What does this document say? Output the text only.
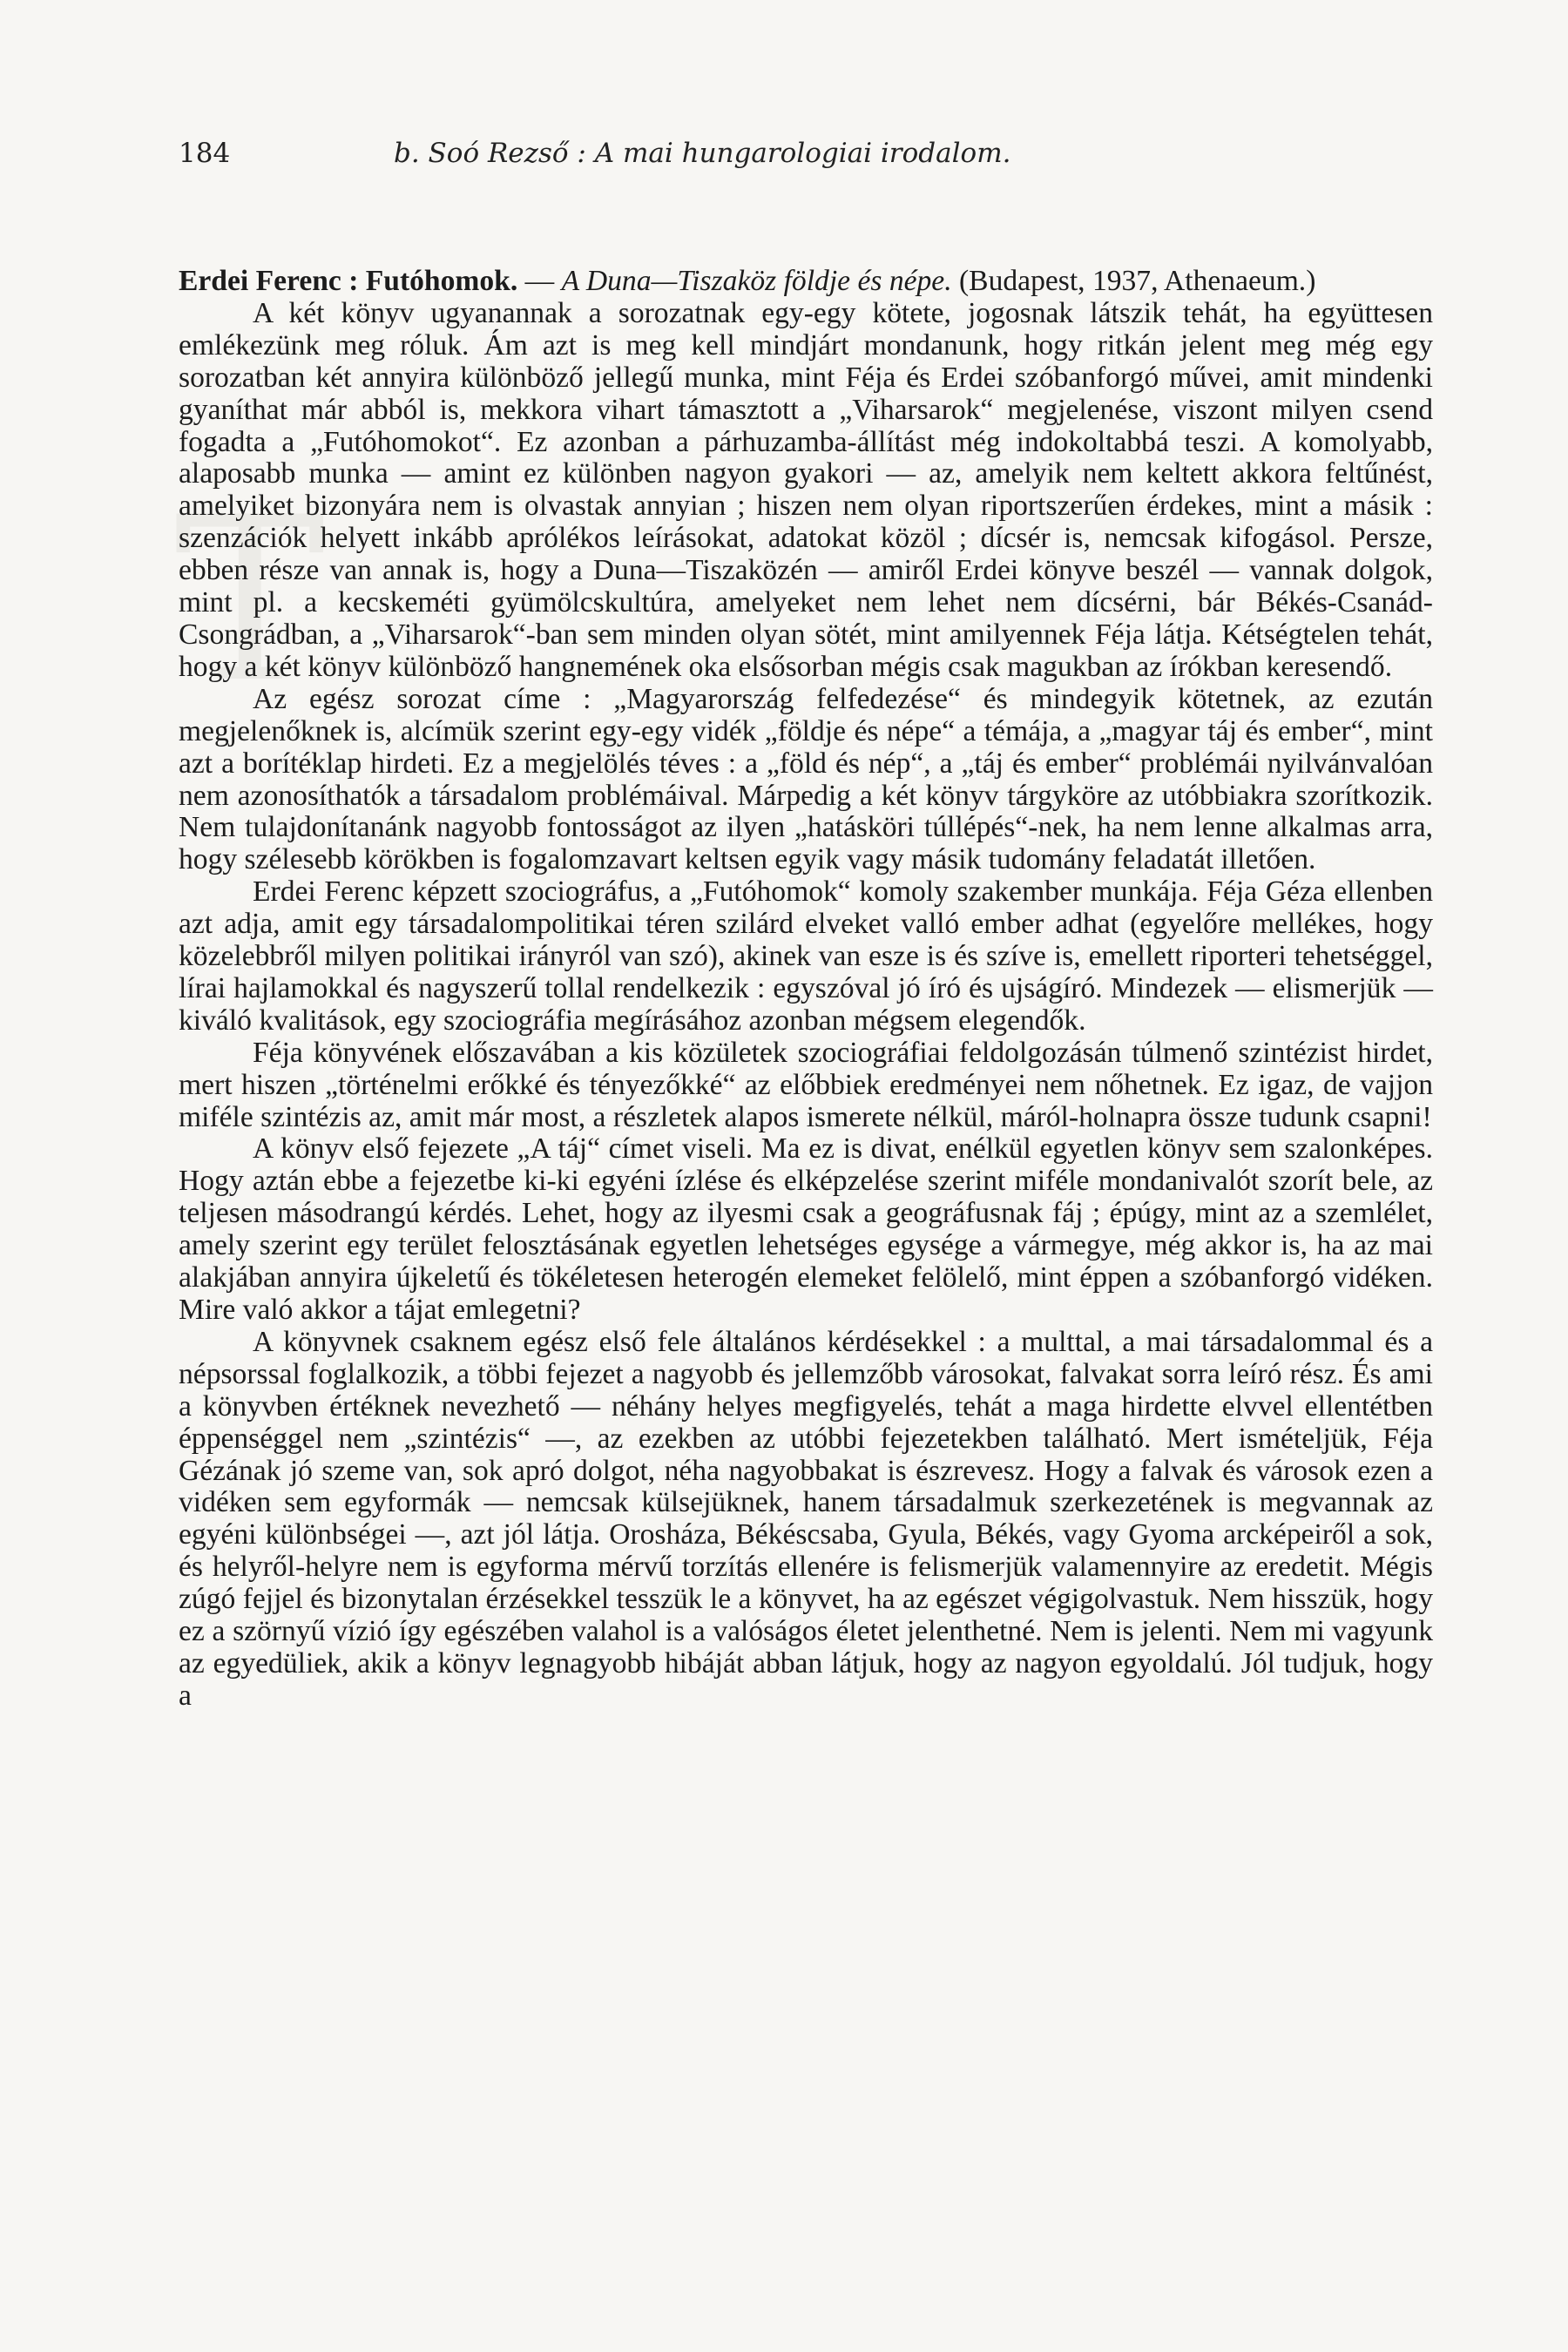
T
184	b. Soó Rezső : A mai hungarologiai irodalom.

Erdei Ferenc : Futóhomok. — A Duna—Tiszaköz földje és népe. (Budapest, 1937, Athenaeum.)

A két könyv ugyanannak a sorozatnak egy-egy kötete, jogosnak látszik tehát, ha együttesen emlékezünk meg róluk. Ám azt is meg kell mindjárt mondanunk, hogy ritkán jelent meg még egy sorozatban két annyira különböző jellegű munka, mint Féja és Erdei szóbanforgó művei, amit mindenki gyaníthat már abból is, mekkora vihart támasztott a „Viharsarok“ megjelenése, viszont milyen csend fogadta a „Futóhomokot“. Ez azonban a párhuzamba-állítást még indokoltabbá teszi. A komolyabb, alaposabb munka — amint ez különben nagyon gyakori — az, amelyik nem keltett akkora feltűnést, amelyiket bizonyára nem is olvastak annyian ; hiszen nem olyan riportszerűen érdekes, mint a másik : szenzációk helyett inkább aprólékos leírásokat, adatokat közöl ; dícsér is, nemcsak kifogásol. Persze, ebben része van annak is, hogy a Duna—Tiszaközén — amiről Erdei könyve beszél — vannak dolgok, mint pl. a kecskeméti gyümölcskultúra, amelyeket nem lehet nem dícsérni, bár Békés-Csanád-Csongrádban, a „Viharsarok“-ban sem minden olyan sötét, mint amilyennek Féja látja. Kétségtelen tehát, hogy a két könyv különböző hangnemének oka elsősorban mégis csak magukban az írókban keresendő.

Az egész sorozat címe : „Magyarország felfedezése“ és mindegyik kötetnek, az ezután megjelenőknek is, alcímük szerint egy-egy vidék „földje és népe“ a témája, a „magyar táj és ember“, mint azt a borítéklap hirdeti. Ez a megjelölés téves : a „föld és nép“, a „táj és ember“ problémái nyilvánvalóan nem azonosíthatók a társadalom problémáival. Márpedig a két könyv tárgyköre az utóbbiakra szorítkozik. Nem tulajdonítanánk nagyobb fontosságot az ilyen „hatásköri túllépés“-nek, ha nem lenne alkalmas arra, hogy szélesebb körökben is fogalomzavart keltsen egyik vagy másik tudomány feladatát illetően.

Erdei Ferenc képzett szociográfus, a „Futóhomok“ komoly szakember munkája. Féja Géza ellenben azt adja, amit egy társadalompolitikai téren szilárd elveket valló ember adhat (egyelőre mellékes, hogy közelebbről milyen politikai irányról van szó), akinek van esze is és szíve is, emellett riporteri tehetséggel, lírai hajlamokkal és nagyszerű tollal rendelkezik : egyszóval jó író és ujságíró. Mindezek — elismerjük — kiváló kvalitások, egy szociográfia megírásához azonban mégsem elegendők.

Féja könyvének előszavában a kis közületek szociográfiai feldolgozásán túlmenő szintézist hirdet, mert hiszen „történelmi erőkké és tényezőkké“ az előbbiek eredményei nem nőhetnek. Ez igaz, de vajjon miféle szintézis az, amit már most, a részletek alapos ismerete nélkül, máról-holnapra össze tudunk csapni!

A könyv első fejezete „A táj“ címet viseli. Ma ez is divat, enélkül egyetlen könyv sem szalonképes. Hogy aztán ebbe a fejezetbe ki-ki egyéni ízlése és elképzelése szerint miféle mondanivalót szorít bele, az teljesen másodrangú kérdés. Lehet, hogy az ilyesmi csak a geográfusnak fáj ; épúgy, mint az a szemlélet, amely szerint egy terület felosztásának egyetlen lehetséges egysége a vármegye, még akkor is, ha az mai alakjában annyira újkeletű és tökéletesen heterogén elemeket felölelő, mint éppen a szóbanforgó vidéken. Mire való akkor a tájat emlegetni?

A könyvnek csaknem egész első fele általános kérdésekkel : a multtal, a mai társadalommal és a népsorssal foglalkozik, a többi fejezet a nagyobb és jellemzőbb városokat, falvakat sorra leíró rész. És ami a könyvben értéknek nevezhető — néhány helyes megfigyelés, tehát a maga hirdette elvvel ellentétben éppenséggel nem „szintézis“ —, az ezekben az utóbbi fejezetekben található. Mert ismételjük, Féja Gézának jó szeme van, sok apró dolgot, néha nagyobbakat is észrevesz. Hogy a falvak és városok ezen a vidéken sem egyformák — nemcsak külsejüknek, hanem társadalmuk szerkezetének is megvannak az egyéni különbségei —, azt jól látja. Orosháza, Békéscsaba, Gyula, Békés, vagy Gyoma arcképeiről a sok, és helyről-helyre nem is egyforma mérvű torzítás ellenére is felismerjük valamennyire az eredetit. Mégis zúgó fejjel és bizonytalan érzésekkel tesszük le a könyvet, ha az egészet végigolvastuk. Nem hisszük, hogy ez a szörnyű vízió így egészében valahol is a valóságos életet jelenthetné. Nem is jelenti. Nem mi vagyunk az egyedüliek, akik a könyv legnagyobb hibáját abban látjuk, hogy az nagyon egyoldalú. Jól tudjuk, hogy a
